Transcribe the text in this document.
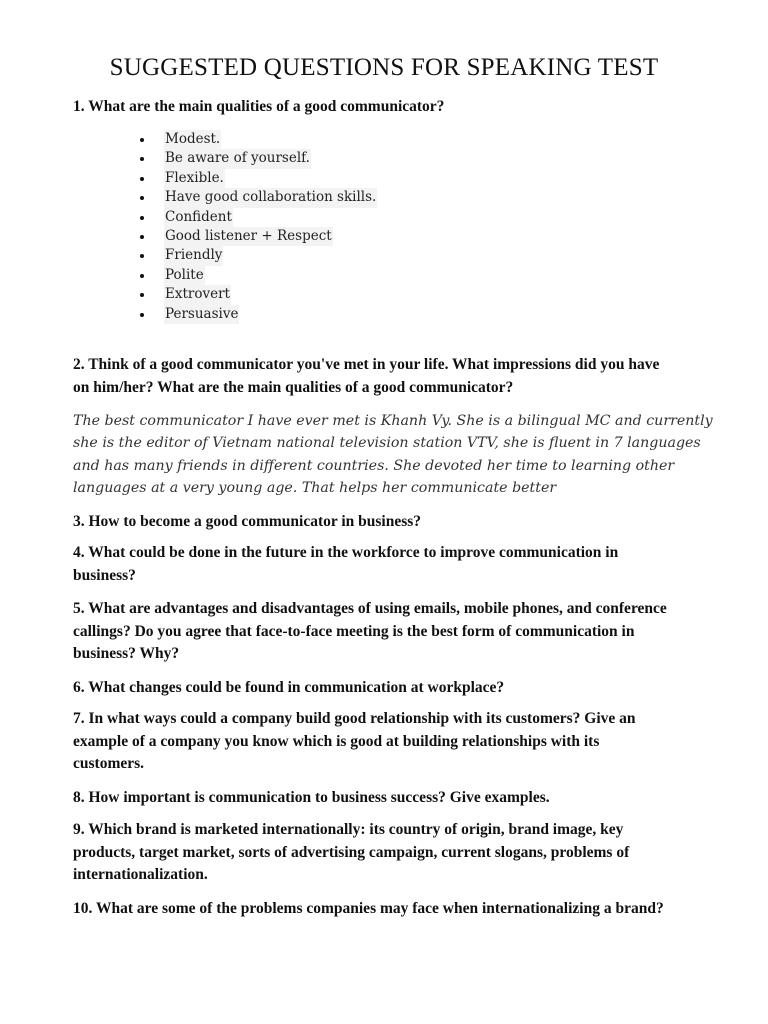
SUGGESTED QUESTIONS FOR SPEAKING TEST

1. What are the main qualities of a good communicator?

Modest.
Be aware of yourself.
Flexible.
Have good collaboration skills.
Confident
Good listener + Respect
Friendly
Polite
Extrovert
Persuasive

2. Think of a good communicator you've met in your life. What impressions did you have
on him/her? What are the main qualities of a good communicator?

The best communicator I have ever met is Khanh Vy. She is a bilingual MC and currently
she is the editor of Vietnam national television station VTV, she is fluent in 7 languages
and has many friends in different countries. She devoted her time to learning other
languages at a very young age. That helps her communicate better

3. How to become a good communicator in business?

4. What could be done in the future in the workforce to improve communication in
business?

5. What are advantages and disadvantages of using emails, mobile phones, and conference
callings? Do you agree that face-to-face meeting is the best form of communication in
business? Why?

6. What changes could be found in communication at workplace?

7. In what ways could a company build good relationship with its customers? Give an
example of a company you know which is good at building relationships with its
customers.

8. How important is communication to business success? Give examples.

9. Which brand is marketed internationally: its country of origin, brand image, key
products, target market, sorts of advertising campaign, current slogans, problems of
internationalization.

10. What are some of the problems companies may face when internationalizing a brand?
